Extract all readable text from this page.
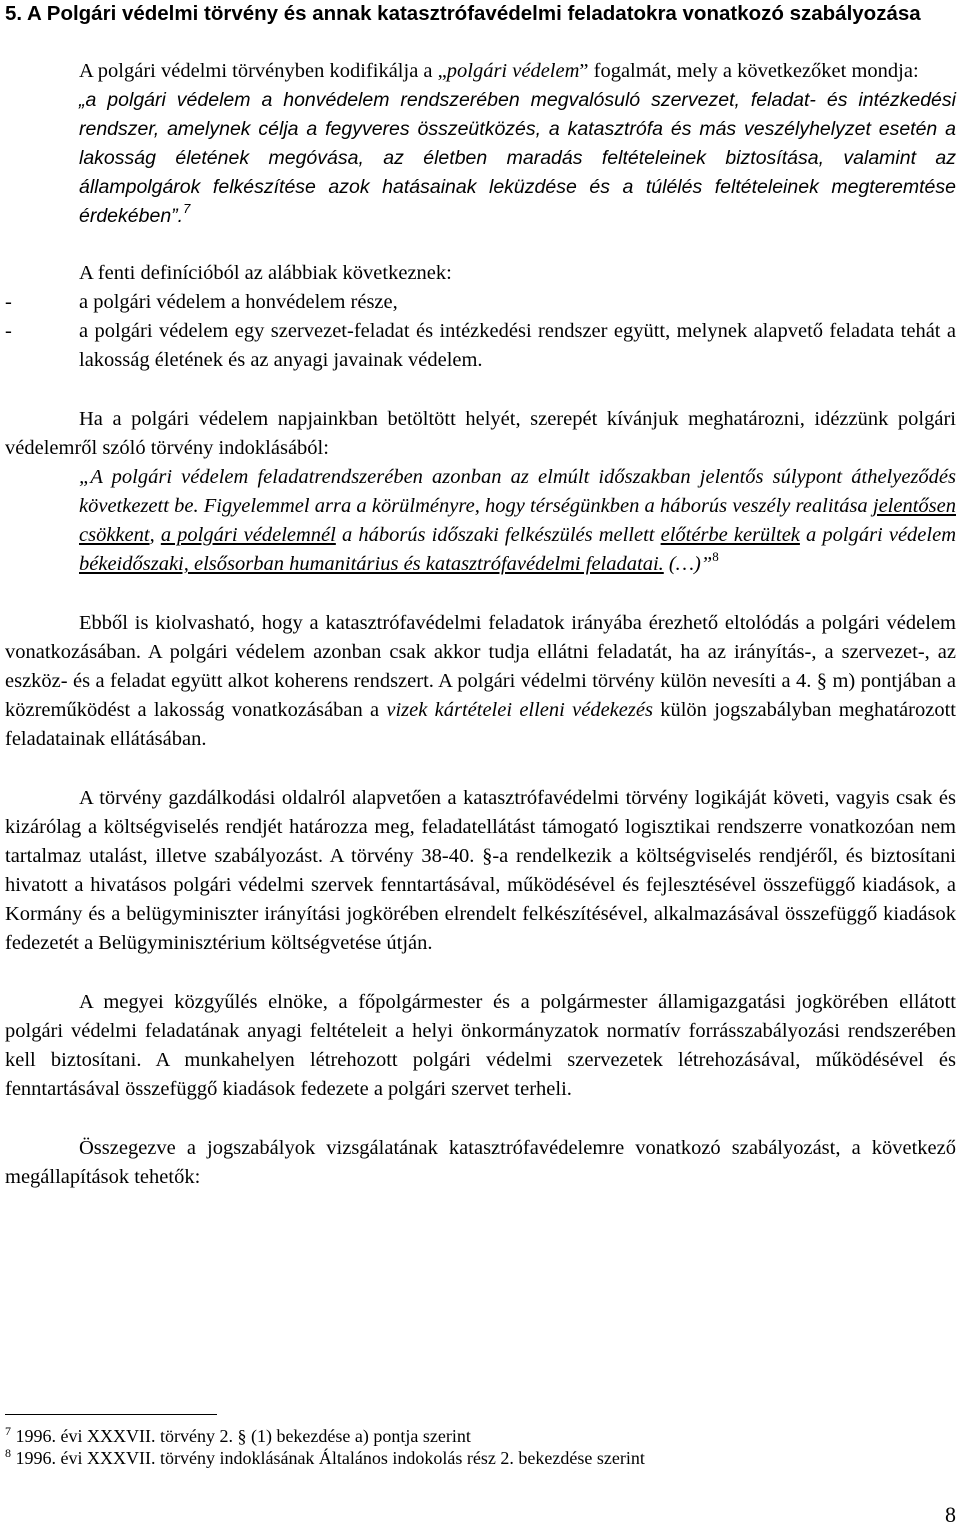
5. A Polgári védelmi törvény és annak katasztrófavédelmi feladatokra vonatkozó szabályozása

A polgári védelmi törvényben kodifikálja a „polgári védelem” fogalmát, mely a következőket mondja:

„a polgári védelem a honvédelem rendszerében megvalósuló szervezet, feladat- és intézkedési rendszer, amelynek célja a fegyveres összeütközés, a katasztrófa és más veszélyhelyzet esetén a lakosság életének megóvása, az életben maradás feltételeinek biztosítása, valamint az állampolgárok felkészítése azok hatásainak leküzdése és a túlélés feltételeinek megteremtése érdekében”.$^7$

A fenti definícióból az alábbiak következnek:

-	a polgári védelem a honvédelem része,
-	a polgári védelem egy szervezet-feladat és intézkedési rendszer együtt, melynek alapvető feladata tehát a lakosság életének és az anyagi javainak védelem.

Ha a polgári védelem napjainkban betöltött helyét, szerepét kívánjuk meghatározni, idézzünk polgári védelemről szóló törvény indoklásából:

„A polgári védelem feladatrendszerében azonban az elmúlt időszakban jelentős súlypont áthelyeződés következett be. Figyelemmel arra a körülményre, hogy térségünkben a háborús veszély realitása jelentősen csökkent, a polgári védelemnél a háborús időszaki felkészülés mellett előtérbe kerültek a polgári védelem békeidőszaki, elsősorban humanitárius és katasztrófavédelmi feladatai. (…)”$^8$

Ebből is kiolvasható, hogy a katasztrófavédelmi feladatok irányába érezhető eltolódás a polgári védelem vonatkozásában. A polgári védelem azonban csak akkor tudja ellátni feladatát, ha az irányítás-, a szervezet-, az eszköz- és a feladat együtt alkot koherens rendszert. A polgári védelmi törvény külön nevesíti a 4. § m) pontjában a közreműködést a lakosság vonatkozásában a vizek kártételei elleni védekezés külön jogszabályban meghatározott feladatainak ellátásában.

A törvény gazdálkodási oldalról alapvetően a katasztrófavédelmi törvény logikáját követi, vagyis csak és kizárólag a költségviselés rendjét határozza meg, feladatellátást támogató logisztikai rendszerre vonatkozóan nem tartalmaz utalást, illetve szabályozást. A törvény 38-40. §-a rendelkezik a költségviselés rendjéről, és biztosítani hivatott a hivatásos polgári védelmi szervek fenntartásával, működésével és fejlesztésével összefüggő kiadások, a Kormány és a belügyminiszter irányítási jogkörében elrendelt felkészítésével, alkalmazásával összefüggő kiadások fedezetét a Belügyminisztérium költségvetése útján.

A megyei közgyűlés elnöke, a főpolgármester és a polgármester államigazgatási jogkörében ellátott polgári védelmi feladatának anyagi feltételeit a helyi önkormányzatok normatív forrásszabályozási rendszerében kell biztosítani. A munkahelyen létrehozott polgári védelmi szervezetek létrehozásával, működésével és fenntartásával összefüggő kiadások fedezete a polgári szervet terheli.

Összegezve a jogszabályok vizsgálatának katasztrófavédelemre vonatkozó szabályozást, a következő megállapítások tehetők:

$^7$ 1996. évi XXXVII. törvény 2. § (1) bekezdése a) pontja szerint
$^8$ 1996. évi XXXVII. törvény indoklásának Általános indokolás rész 2. bekezdése szerint
8
